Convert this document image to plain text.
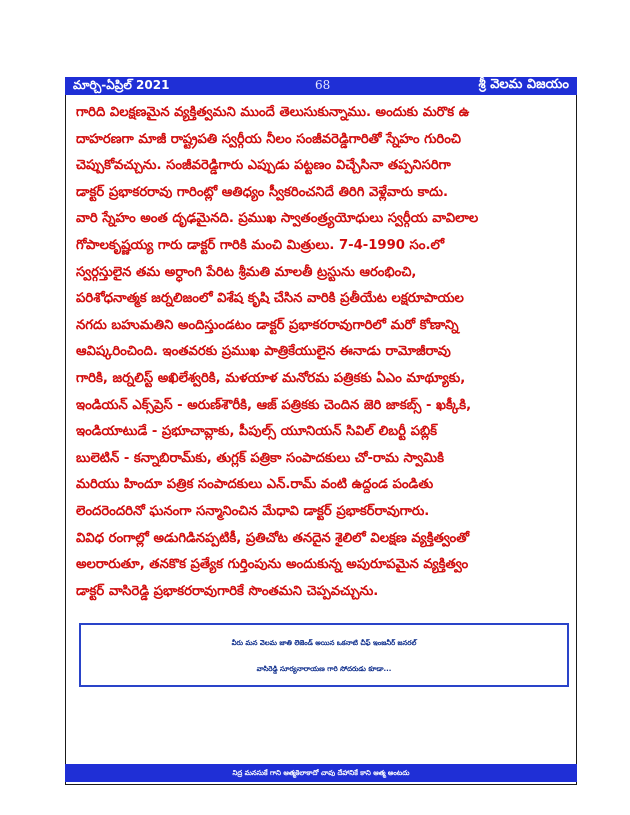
మార్చి-ఏప్రిల్ 2021	68	శ్రీ వెలమ విజయం
గారిది విలక్షణమైన వ్యక్తిత్వమని ముందే తెలుసుకున్నాము. అందుకు మరొక ఉ
దాహరణగా మాజీ రాష్ట్రపతి స్వర్గీయ నీలం సంజీవరెడ్డిగారితో స్నేహం గురించి
చెప్పుకోవచ్చును. సంజీవరెడ్డిగారు ఎప్పుడు పట్టణం విచ్చేసినా తప్పనిసరిగా
డాక్టర్ ప్రభాకరరావు గారింట్లో ఆతిధ్యం స్వీకరించనిదే తిరిగి వెళ్లేవారు కాదు.
వారి స్నేహం అంత దృఢమైనది. ప్రముఖ స్వాతంత్ర్యయోధులు స్వర్గీయ వావిలాల
గోపాలకృష్ణయ్య గారు డాక్టర్ గారికి మంచి మిత్రులు. 7-4-1990 సం.లో
స్వర్గస్తులైన తమ అర్ధాంగి పేరిట శ్రీమతి మాలతీ ట్రస్టును ఆరంభించి,
పరిశోధనాత్మక జర్నలిజంలో విశేష కృషి చేసిన వారికి ప్రతీయేట లక్షరూపాయల
నగదు బహుమతిని అందిస్తుండటం డాక్టర్ ప్రభాకరరావుగారిలో మరో కోణాన్ని
ఆవిష్కరించింది. ఇంతవరకు ప్రముఖ పాత్రికేయులైన ఈనాడు రామోజీరావు
గారికి, జర్నలిస్ట్ అఖిలేశ్వరికి, మళయాళ మనోరమ పత్రికకు ఏఎం మాథ్యూకు,
ఇండియన్ ఎక్స్‌ప్రెస్ - అరుణ్‌శౌరీకి, ఆజ్ పత్రికకు చెందిన జెరి జాకబ్స్ - ఖక్కీకి,
ఇండియాటుడే - ప్రభూచావ్లాకు, పీపుల్స్ యూనియన్ సివిల్ లిబర్టీ పబ్లిక్
బులెటిన్ - కన్నాబిరామ్‌కు, తుగ్లక్ పత్రికా సంపాదకులు చో-రామ స్వామికి
మరియు హిందూ పత్రిక సంపాదకులు ఎన్.రామ్ వంటి ఉద్దండ పండితు
లెందరెందరినో ఘనంగా సన్మానించిన మేధావి డాక్టర్ ప్రభాకర్‌రావుగారు.
వివిధ రంగాల్లో అడుగిడినప్పటికీ, ప్రతిచోట తనదైన శైలిలో విలక్షణ వ్యక్తిత్వంతో
అలరారుతూ, తనకొక ప్రత్యేక గుర్తింపును అందుకున్న అపురూపమైన వ్యక్తిత్వం
డాక్టర్ వాసిరెడ్డి ప్రభాకరరావుగారికే సొంతమని చెప్పవచ్చును.
వీరు మన వెలమ జాతి లెజెండ్ అయిన ఒకనాటి చీఫ్ ఇంజనీర్ జనరల్
వాసిరెడ్డి సూర్యనారాయణ గారి సోదరుడు కూడా...
నిద్ర మనసుకే గాని ఆత్మకెలాకాదో చావు దేహానికే కాని ఆత్మ అంటదు
